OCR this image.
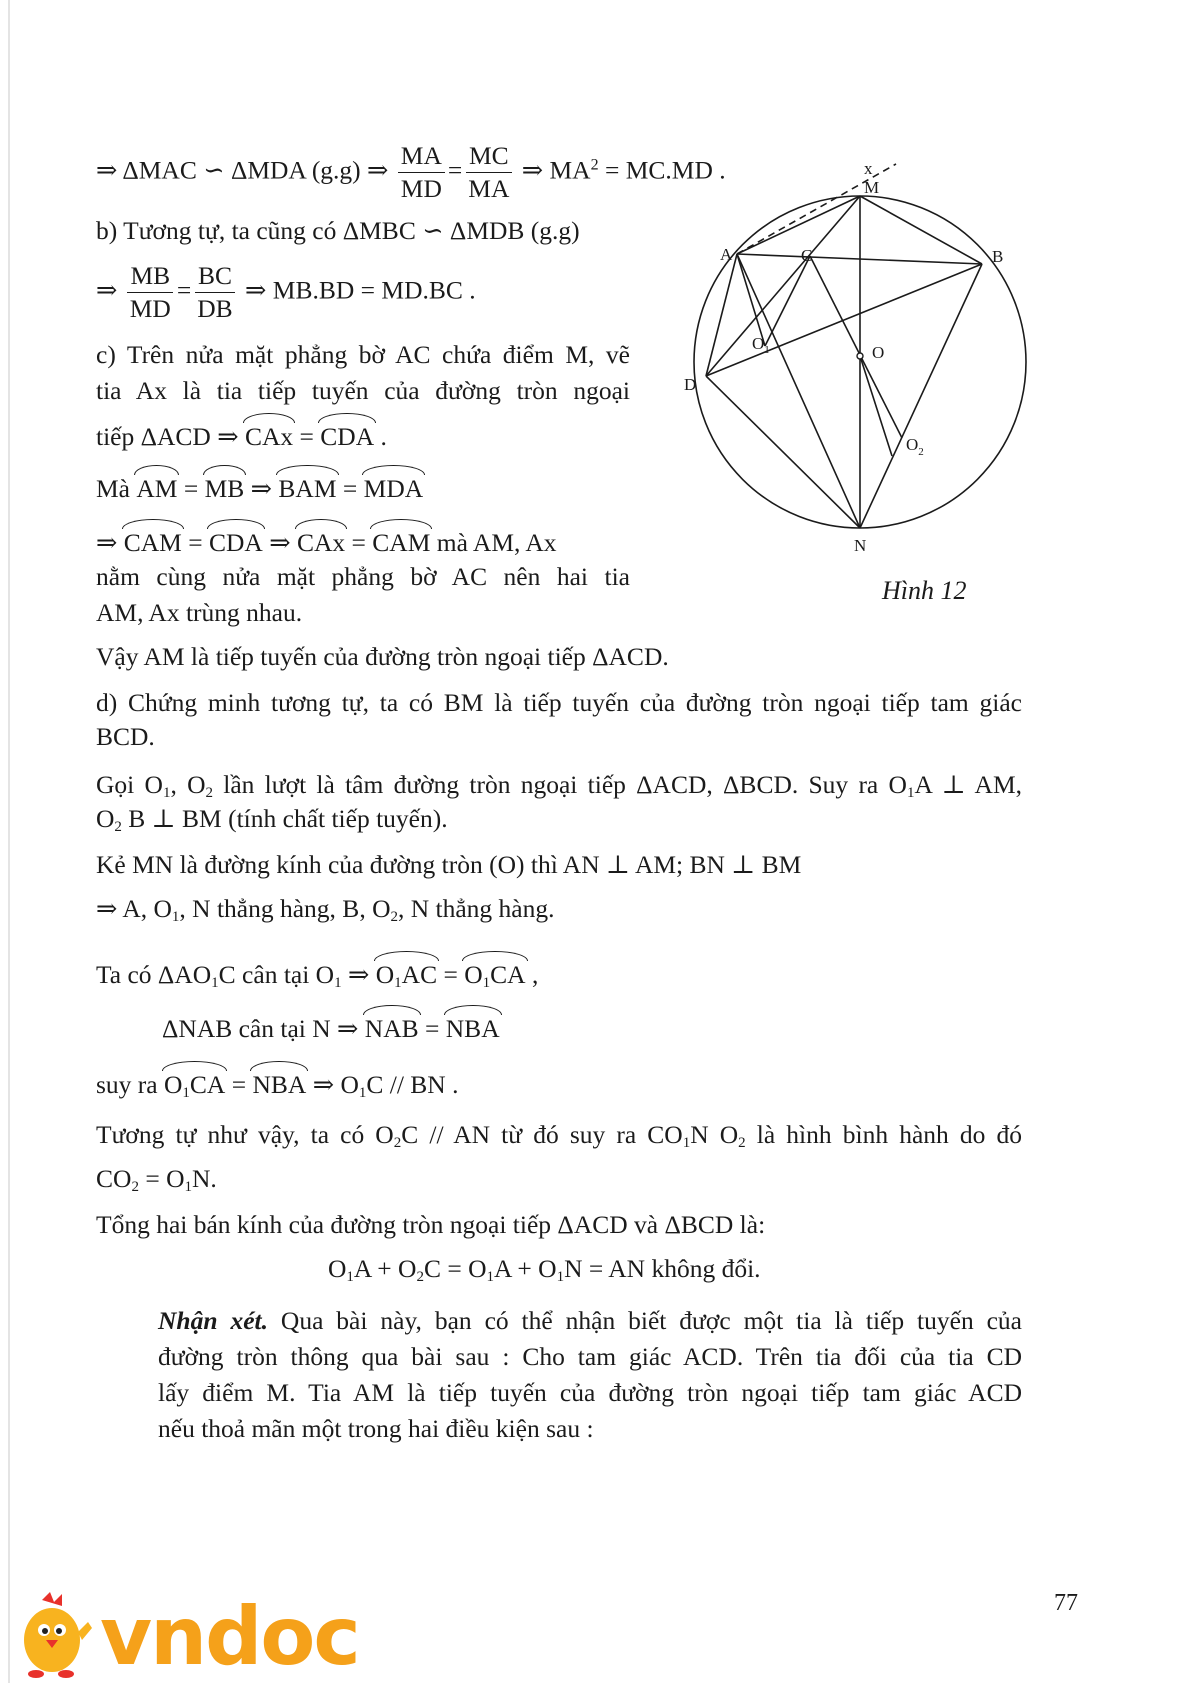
⇒ ΔMAC ∽ ΔMDA (g.g) ⇒ $\frac{MA}{MD} = \frac{MC}{MA}$ ⇒ $MA^2 = MC.MD$ .
b) Tương tự, ta cũng có ΔMBC ∽ ΔMDB (g.g)
⇒ $\frac{MB}{MD} = \frac{BC}{DB}$ ⇒ MB.BD = MD.BC .
c) Trên nửa mặt phẳng bờ AC chứa điểm M, vẽ
tia Ax là tia tiếp tuyến của đường tròn ngoại
tiếp ΔACD ⇒ CAx = CDA .
Mà AM = MB ⇒ BAM = MDA
⇒ CAM = CDA ⇒ CAx = CAM mà AM, Ax
nằm cùng nửa mặt phẳng bờ AC nên hai tia
AM, Ax trùng nhau.
Vậy AM là tiếp tuyến của đường tròn ngoại tiếp ΔACD.
d) Chứng minh tương tự, ta có BM là tiếp tuyến của đường tròn ngoại tiếp tam giác
BCD.
Gọi $O_1$, $O_2$ lần lượt là tâm đường tròn ngoại tiếp ΔACD, ΔBCD. Suy ra $O_1A$ ⊥ AM,
$O_2$ B ⊥ BM (tính chất tiếp tuyến).
Kẻ MN là đường kính của đường tròn (O) thì AN ⊥ AM; BN ⊥ BM
⇒ A, $O_1$, N thẳng hàng, B, $O_2$, N thẳng hàng.
Ta có $\Delta AO_1C$ cân tại $O_1$ ⇒ $O_1AC = O_1CA$ ,
ΔNAB cân tại N ⇒ NAB = NBA
suy ra $O_1CA$ = NBA ⇒ $O_1C$ // BN .
Tương tự như vậy, ta có $O_2C$ // AN từ đó suy ra $CO_1N$ $O_2$ là hình bình hành do đó
$CO_2 = O_1N$.
Tổng hai bán kính của đường tròn ngoại tiếp ΔACD và ΔBCD là:
$O_1A + O_2C = O_1A + O_1N$ = AN không đổi.
Nhận xét. Qua bài này, bạn có thể nhận biết được một tia là tiếp tuyến của
đường tròn thông qua bài sau : Cho tam giác ACD. Trên tia đối của tia CD
lấy điểm M. Tia AM là tiếp tuyến của đường tròn ngoại tiếp tam giác ACD
nếu thoả mãn một trong hai điều kiện sau :
x
M
A	C	B
$O_1$	O
D
$O_2$
N
Hình 12
77
vndoc
